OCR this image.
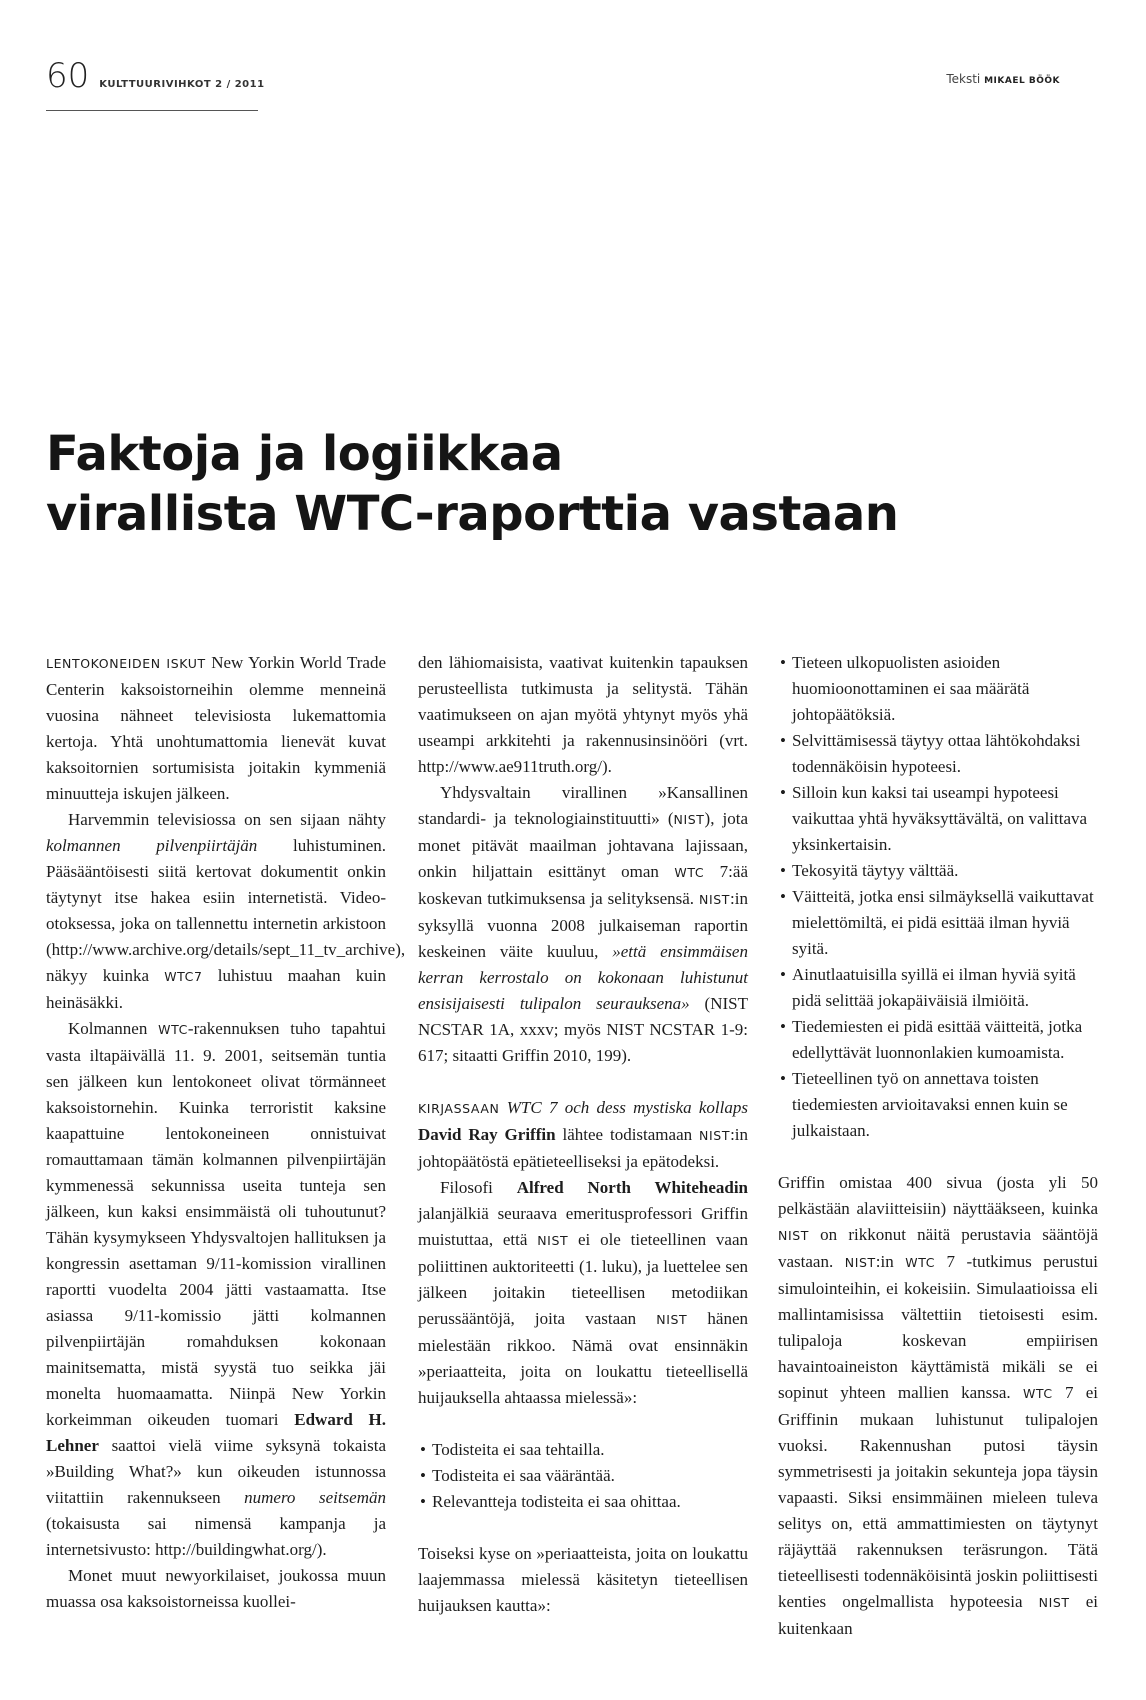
60 KULTTUURIVIHKOT 2 / 2011	Teksti MIKAEL BÖÖK
Faktoja ja logiikkaa
virallista WTC-raporttia vastaan

LENTOKONEIDEN ISKUT New Yorkin World Trade Centerin kaksoistorneihin olemme menneinä vuosina nähneet televisiosta lukemattomia kertoja. Yhtä unohtumattomia lienevät kuvat kaksoitornien sortumisista joitakin kymmeniä minuutteja iskujen jälkeen.

Harvemmin televisiossa on sen sijaan nähty kolmannen pilvenpiirtäjän luhistuminen. Pääsääntöisesti siitä kertovat dokumentit onkin täytynyt itse hakea esiin internetistä. Video-otoksessa, joka on tallennettu internetin arkistoon (http://www.archive.org/details/sept_11_tv_archive), näkyy kuinka WTC7 luhistuu maahan kuin heinäsäkki.

Kolmannen WTC-rakennuksen tuho tapahtui vasta iltapäivällä 11. 9. 2001, seitsemän tuntia sen jälkeen kun lentokoneet olivat törmänneet kaksoistornehin. Kuinka terroristit kaksine kaapattuine lentokoneineen onnistuivat romauttamaan tämän kolmannen pilvenpiirtäjän kymmenessä sekunnissa useita tunteja sen jälkeen, kun kaksi ensimmäistä oli tuhoutunut? Tähän kysymykseen Yhdysvaltojen hallituksen ja kongressin asettaman 9/11-komission virallinen raportti vuodelta 2004 jätti vastaamatta. Itse asiassa 9/11-komissio jätti kolmannen pilvenpiirtäjän romahduksen kokonaan mainitsematta, mistä syystä tuo seikka jäi monelta huomaamatta. Niinpä New Yorkin korkeimman oikeuden tuomari Edward H. Lehner saattoi vielä viime syksynä tokaista »Building What?» kun oikeuden istunnossa viitattiin rakennukseen numero seitsemän (tokaisusta sai nimensä kampanja ja internetsivusto: http://buildingwhat.org/).

Monet muut newyorkilaiset, joukossa muun muassa osa kaksoistorneissa kuollei-

den lähiomaisista, vaativat kuitenkin tapauksen perusteellista tutkimusta ja selitystä. Tähän vaatimukseen on ajan myötä yhtynyt myös yhä useampi arkkitehti ja rakennusinsinööri (vrt. http://www.ae911truth.org/).

Yhdysvaltain virallinen »Kansallinen standardi- ja teknologiainstituutti» (NIST), jota monet pitävät maailman johtavana lajissaan, onkin hiljattain esittänyt oman WTC 7:ää koskevan tutkimuksensa ja selityksensä. NIST:in syksyllä vuonna 2008 julkaiseman raportin keskeinen väite kuuluu, »että ensimmäisen kerran kerrostalo on kokonaan luhistunut ensisijaisesti tulipalon seurauksena» (NIST NCSTAR 1A, xxxv; myös NIST NCSTAR 1-9: 617; sitaatti Griffin 2010, 199).

KIRJASSAAN WTC 7 och dess mystiska kollaps David Ray Griffin lähtee todistamaan NIST:in johtopäätöstä epätieteelliseksi ja epätodeksi.

Filosofi Alfred North Whiteheadin jalanjälkiä seuraava emeritusprofessori Griffin muistuttaa, että NIST ei ole tieteellinen vaan poliittinen auktoriteetti (1. luku), ja luettelee sen jälkeen joitakin tieteellisen metodiikan perussääntöjä, joita vastaan NIST hänen mielestään rikkoo. Nämä ovat ensinnäkin »periaatteita, joita on loukattu tieteellisellä huijauksella ahtaassa mielessä»:

• Todisteita ei saa tehtailla.
• Todisteita ei saa vääräntää.
• Relevantteja todisteita ei saa ohittaa.

Toiseksi kyse on »periaatteista, joita on loukattu laajemmassa mielessä käsitetyn tieteellisen huijauksen kautta»:

• Tieteen ulkopuolisten asioiden huomioonottaminen ei saa määrätä johtopäätöksiä.
• Selvittämisessä täytyy ottaa lähtökohdaksi todennäköisin hypoteesi.
• Silloin kun kaksi tai useampi hypoteesi vaikuttaa yhtä hyväksyttävältä, on valittava yksinkertaisin.
• Tekosyitä täytyy välttää.
• Väitteitä, jotka ensi silmäyksellä vaikuttavat mielettömiltä, ei pidä esittää ilman hyviä syitä.
• Ainutlaatuisilla syillä ei ilman hyviä syitä pidä selittää jokapäiväisiä ilmiöitä.
• Tiedemiesten ei pidä esittää väitteitä, jotka edellyttävät luonnonlakien kumoamista.
• Tieteellinen työ on annettava toisten tiedemiesten arvioitavaksi ennen kuin se julkaistaan.

Griffin omistaa 400 sivua (josta yli 50 pelkästään alaviitteisiin) näyttääkseen, kuinka NIST on rikkonut näitä perustavia sääntöjä vastaan. NIST:in WTC 7 -tutkimus perustui simulointeihin, ei kokeisiin. Simulaatioissa eli mallintamisissa vältettiin tietoisesti esim. tulipaloja koskevan empiirisen havaintoaineiston käyttämistä mikäli se ei sopinut yhteen mallien kanssa. WTC 7 ei Griffinin mukaan luhistunut tulipalojen vuoksi. Rakennushan putosi täysin symmetrisesti ja joitakin sekunteja jopa täysin vapaasti. Siksi ensimmäinen mieleen tuleva selitys on, että ammattimiesten on täytynyt räjäyttää rakennuksen teräsrungon. Tätä tieteellisesti todennäköisintä joskin poliittisesti kenties ongelmallista hypoteesia NIST ei kuitenkaan
